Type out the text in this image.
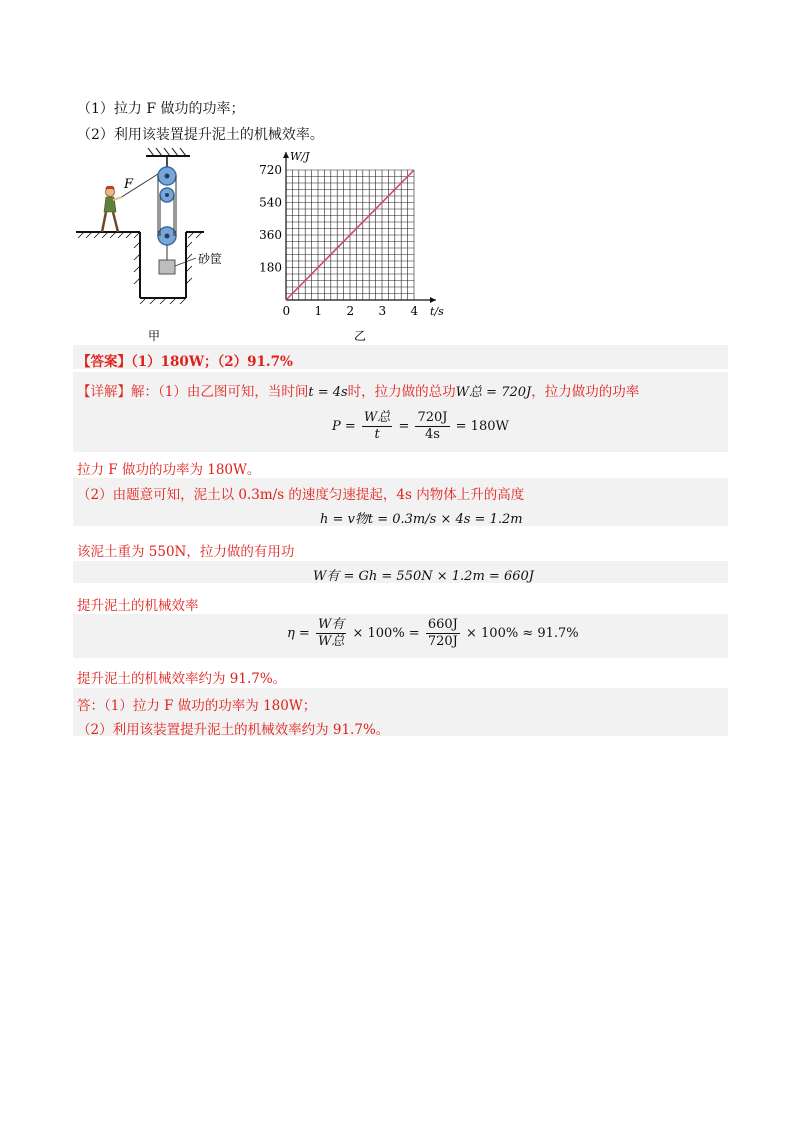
（1）拉力 F 做功的功率；
（2）利用该装置提升泥土的机械效率。
砂筐
F
甲
0 1 2 3 4
180
360
540
720
t/s
W/J
乙
【答案】（1）180W；（2）91.7%
【详解】解：（1）由乙图可知，当时间t = 4s时，拉力做的总功W总 = 720J，拉力做功的功率
$P = \frac{\text{W总}}{t} = \frac{720J}{4s} = 180W$
拉力 F 做功的功率为 180W。
（2）由题意可知，泥土以 0.3m/s 的速度匀速提起，4s 内物体上升的高度
h = v物t = 0.3m/s × 4s = 1.2m
该泥土重为 550N，拉力做的有用功
W有 = Gh = 550N × 1.2m = 660J
提升泥土的机械效率
$\eta = \frac{\text{W有}}{\text{W总}} \times 100\% = \frac{660J}{720J} \times 100\% \approx 91.7\%$
提升泥土的机械效率约为 91.7%。
答：（1）拉力 F 做功的功率为 180W；
（2）利用该装置提升泥土的机械效率约为 91.7%。
